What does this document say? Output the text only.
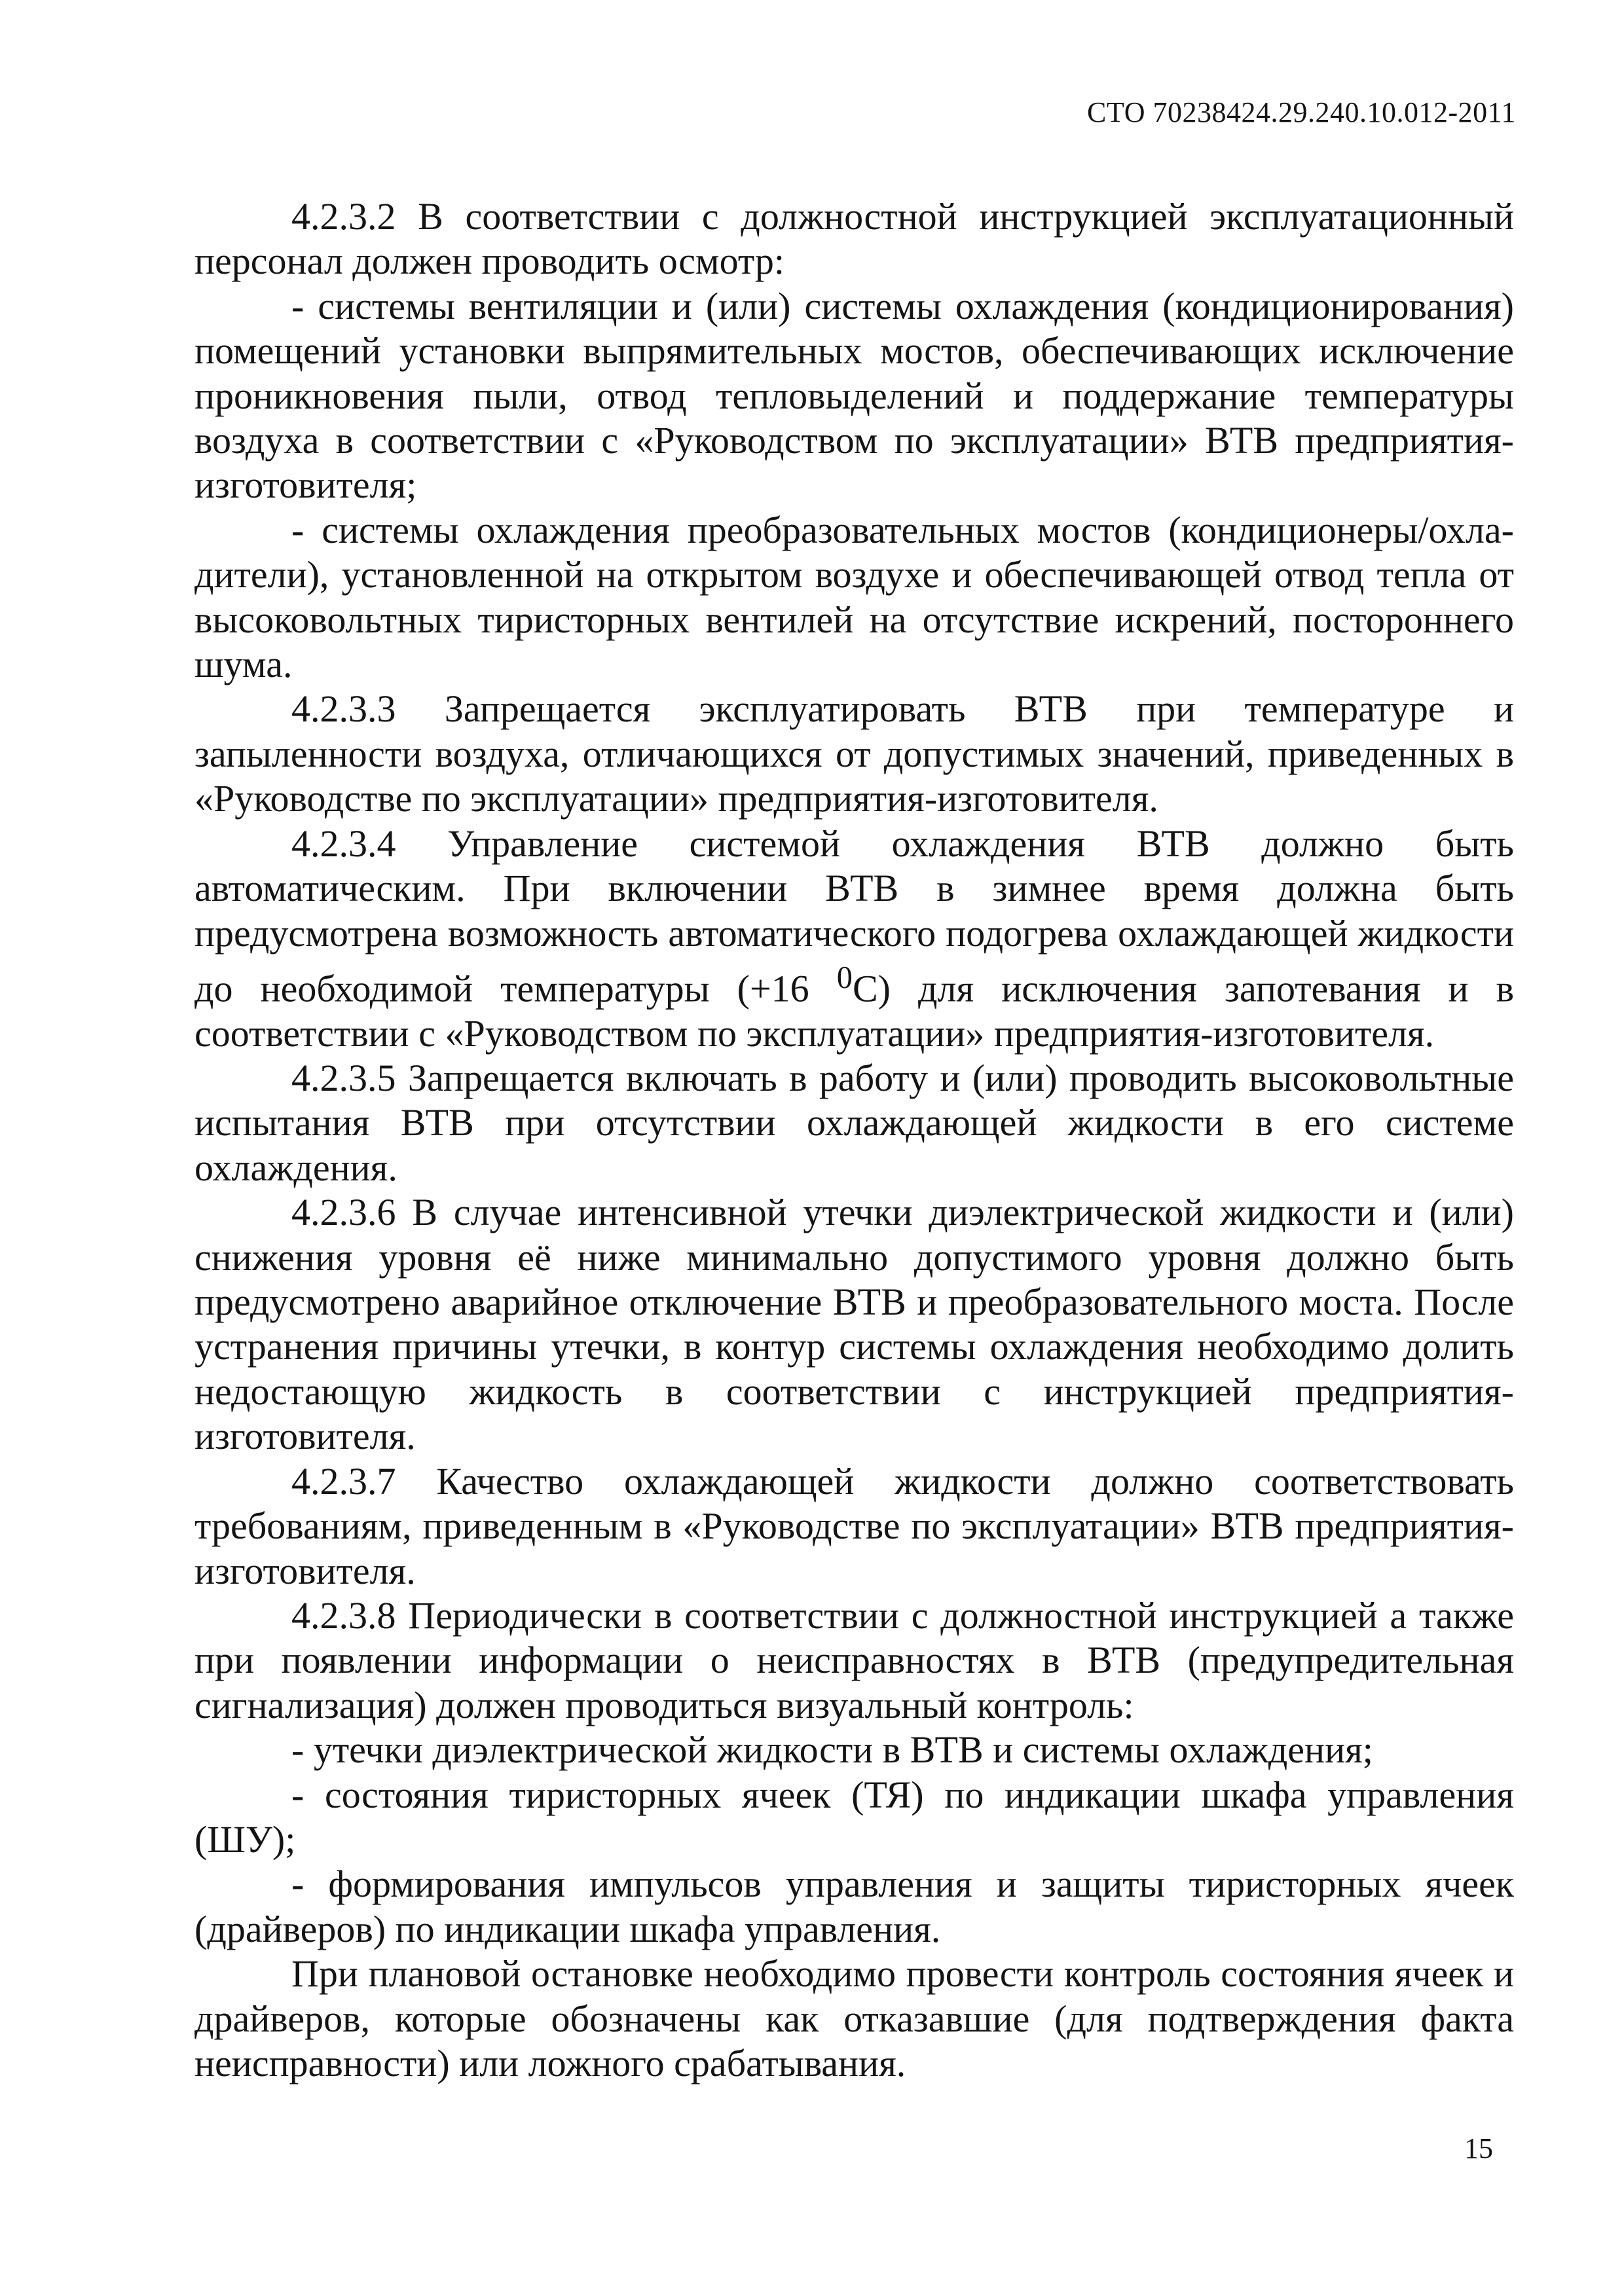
СТО 70238424.29.240.10.012-2011

4.2.3.2 В соответствии с должностной инструкцией эксплуатационный персонал должен проводить осмотр:

- системы вентиляции и (или) системы охлаждения (кондиционирования) помещений установки выпрямительных мостов, обеспечивающих исключение проникновения пыли, отвод тепловыделений и поддержание температуры воздуха в соответствии с «Руководством по эксплуатации» ВТВ предприятия-изготовителя;

- системы охлаждения преобразовательных мостов (кондиционеры/охла-дители), установленной на открытом воздухе и обеспечивающей отвод тепла от высоковольтных тиристорных вентилей на отсутствие искрений, постороннего шума.

4.2.3.3 Запрещается эксплуатировать ВТВ при температуре и запыленности воздуха, отличающихся от допустимых значений, приведенных в «Руководстве по эксплуатации» предприятия-изготовителя.

4.2.3.4 Управление системой охлаждения ВТВ должно быть автоматическим. При включении ВТВ в зимнее время должна быть предусмотрена возможность автоматического подогрева охлаждающей жидкости до необходимой температуры (+16 $^0$С) для исключения запотевания и в соответствии с «Руководством по эксплуатации» предприятия-изготовителя.

4.2.3.5 Запрещается включать в работу и (или) проводить высоковольтные испытания ВТВ при отсутствии охлаждающей жидкости в его системе охлаждения.

4.2.3.6 В случае интенсивной утечки диэлектрической жидкости и (или) снижения уровня её ниже минимально допустимого уровня должно быть предусмотрено аварийное отключение ВТВ и преобразовательного моста. После устранения причины утечки, в контур системы охлаждения необходимо долить недостающую жидкость в соответствии с инструкцией предприятия-изготовителя.

4.2.3.7 Качество охлаждающей жидкости должно соответствовать требованиям, приведенным в «Руководстве по эксплуатации» ВТВ предприятия-изготовителя.

4.2.3.8 Периодически в соответствии с должностной инструкцией а также при появлении информации о неисправностях в ВТВ (предупредительная сигнализация) должен проводиться визуальный контроль:

- утечки диэлектрической жидкости в ВТВ и системы охлаждения;

- состояния тиристорных ячеек (ТЯ) по индикации шкафа управления (ШУ);

- формирования импульсов управления и защиты тиристорных ячеек (драйверов) по индикации шкафа управления.

При плановой остановке необходимо провести контроль состояния ячеек и драйверов, которые обозначены как отказавшие (для подтверждения факта неисправности) или ложного срабатывания.

15
